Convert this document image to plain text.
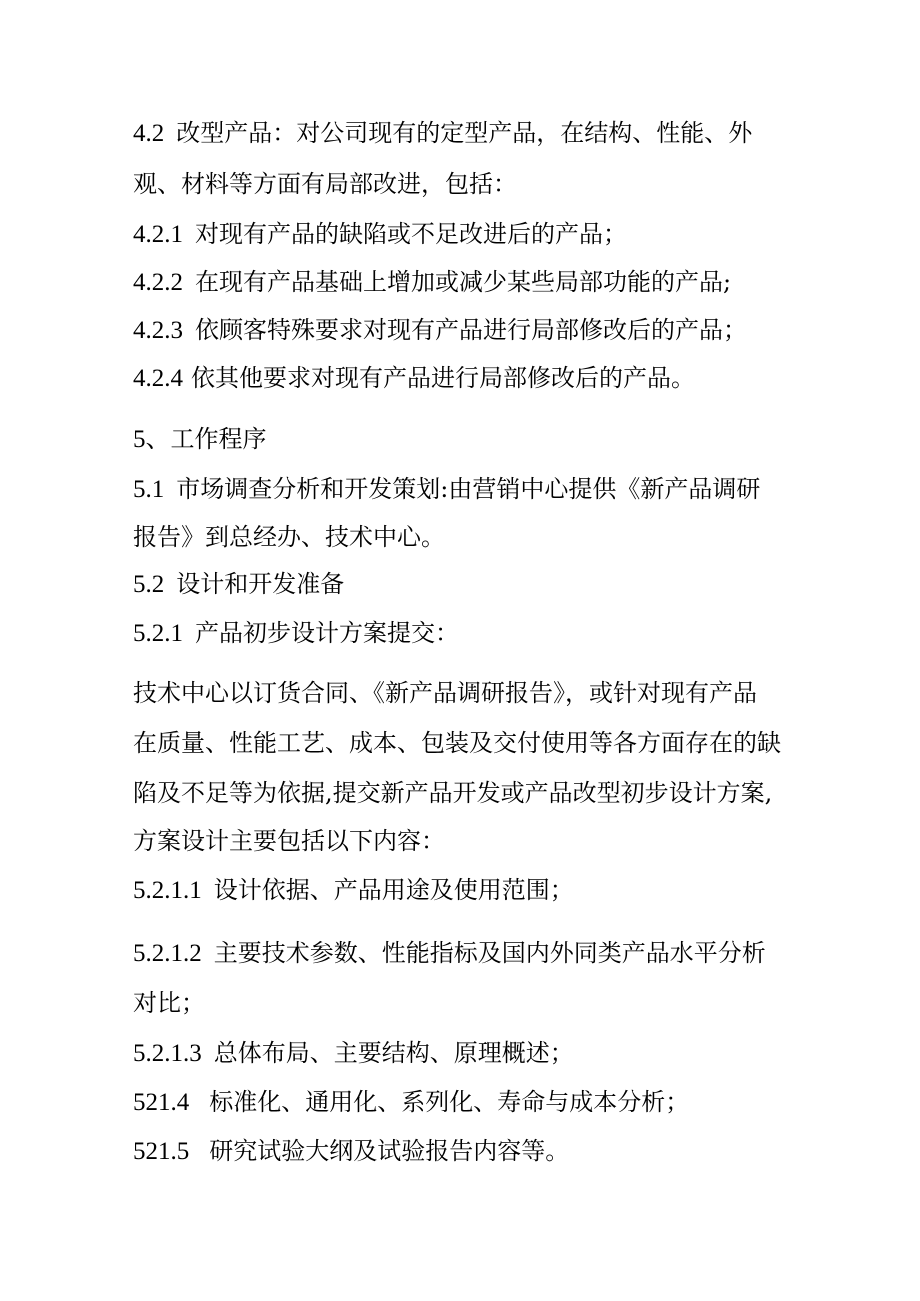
4.2 改型产品：对公司现有的定型产品，在结构、性能、外
观、材料等方面有局部改进，包括：
4.2.1 对现有产品的缺陷或不足改进后的产品；
4.2.2 在现有产品基础上增加或减少某些局部功能的产品;
4.2.3 依顾客特殊要求对现有产品进行局部修改后的产品；
4.2.4 依其他要求对现有产品进行局部修改后的产品。
5、工作程序
5.1 市场调查分析和开发策划:由营销中心提供《新产品调研
报告》到总经办、技术中心。
5.2 设计和开发准备
5.2.1 产品初步设计方案提交：
技术中心以订货合同、《新产品调研报告》，或针对现有产品
在质量、性能工艺、成本、包装及交付使用等各方面存在的缺
陷及不足等为依据,提交新产品开发或产品改型初步设计方案,
方案设计主要包括以下内容：
5.2.1.1 设计依据、产品用途及使用范围；
5.2.1.2 主要技术参数、性能指标及国内外同类产品水平分析
对比；
5.2.1.3 总体布局、主要结构、原理概述；
521.4 标准化、通用化、系列化、寿命与成本分析；
521.5 研究试验大纲及试验报告内容等。
